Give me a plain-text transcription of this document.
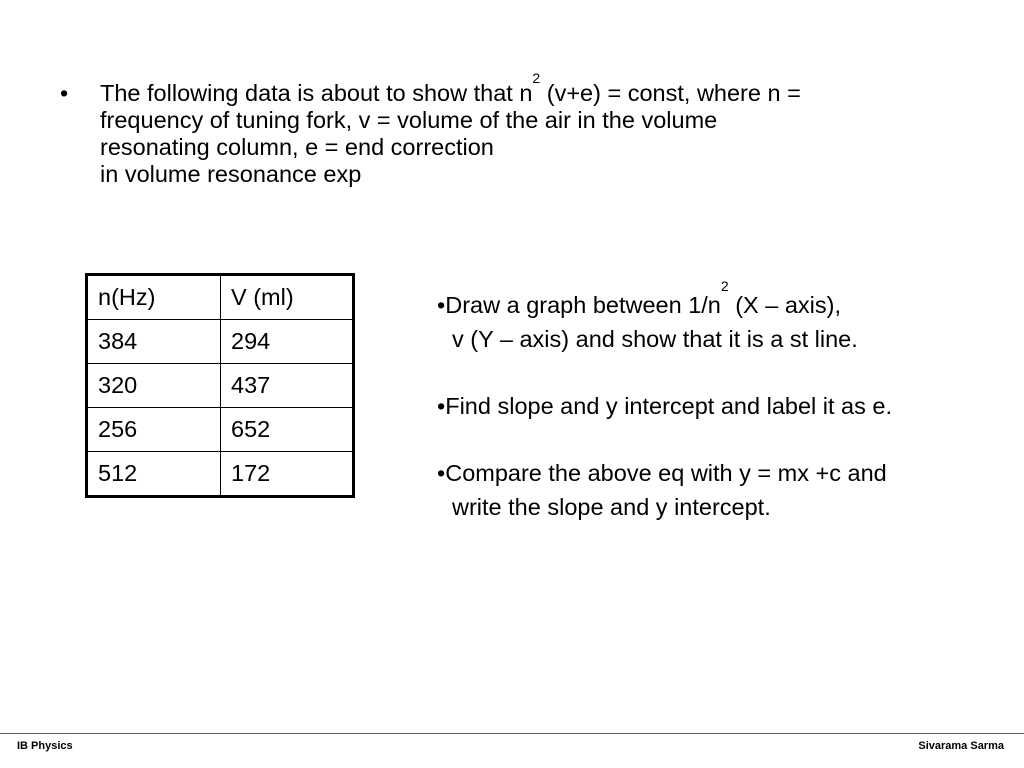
• The following data is about to show that $n^2$ (v+e) = const, where n =
frequency of tuning fork, v = volume of the air in the volume
resonating column, e = end correction
in volume resonance exp
n(Hz)	V (ml)
384	294
320	437
256	652
512	172
•Draw a graph between $1/n^2$ (X – axis),
v (Y – axis) and show that it is a st line.
•Find slope and y intercept and label it as e.
•Compare the above eq with y = mx +c and
write the slope and y intercept.
IB Physics	Sivarama Sarma
